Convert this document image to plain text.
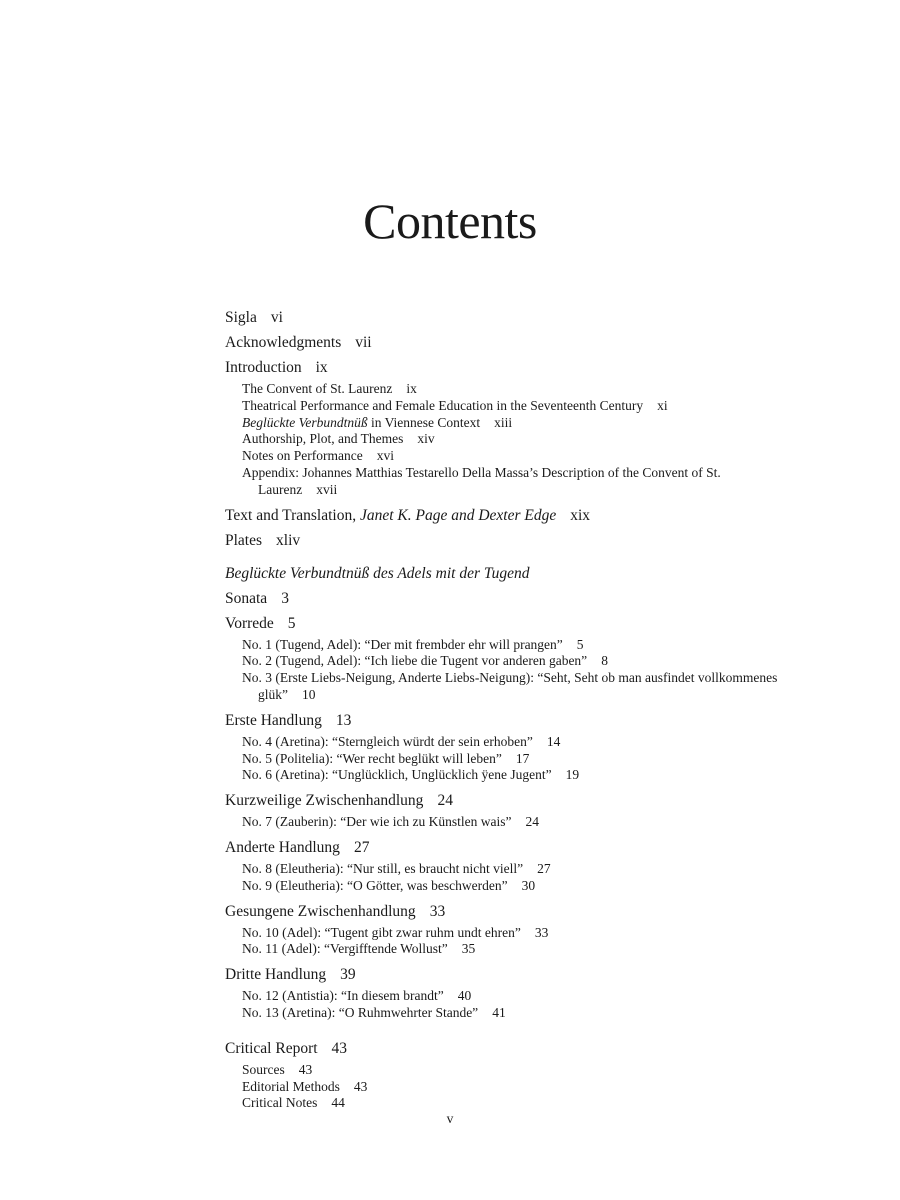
Contents
Sigla vi
Acknowledgments vii
Introduction ix
The Convent of St. Laurenz ix
Theatrical Performance and Female Education in the Seventeenth Century xi
Beglückte Verbundtnüß in Viennese Context xiii
Authorship, Plot, and Themes xiv
Notes on Performance xvi
Appendix: Johannes Matthias Testarello Della Massa’s Description of the Convent of St. Laurenz xvii
Text and Translation, Janet K. Page and Dexter Edge xix
Plates xliv
Beglückte Verbundtnüß des Adels mit der Tugend
Sonata 3
Vorrede 5
No. 1 (Tugend, Adel): “Der mit frembder ehr will prangen” 5
No. 2 (Tugend, Adel): “Ich liebe die Tugent vor anderen gaben” 8
No. 3 (Erste Liebs-Neigung, Anderte Liebs-Neigung): “Seht, Seht ob man ausfindet vollkommenes glük” 10
Erste Handlung 13
No. 4 (Aretina): “Sterngleich würdt der sein erhoben” 14
No. 5 (Politelia): “Wer recht beglükt will leben” 17
No. 6 (Aretina): “Unglücklich, Unglücklich ÿene Jugent” 19
Kurzweilige Zwischenhandlung 24
No. 7 (Zauberin): “Der wie ich zu Künstlen wais” 24
Anderte Handlung 27
No. 8 (Eleutheria): “Nur still, es braucht nicht viell” 27
No. 9 (Eleutheria): “O Götter, was beschwerden” 30
Gesungene Zwischenhandlung 33
No. 10 (Adel): “Tugent gibt zwar ruhm undt ehren” 33
No. 11 (Adel): “Vergifftende Wollust” 35
Dritte Handlung 39
No. 12 (Antistia): “In diesem brandt” 40
No. 13 (Aretina): “O Ruhmwehrter Stande” 41
Critical Report 43
Sources 43
Editorial Methods 43
Critical Notes 44
v
